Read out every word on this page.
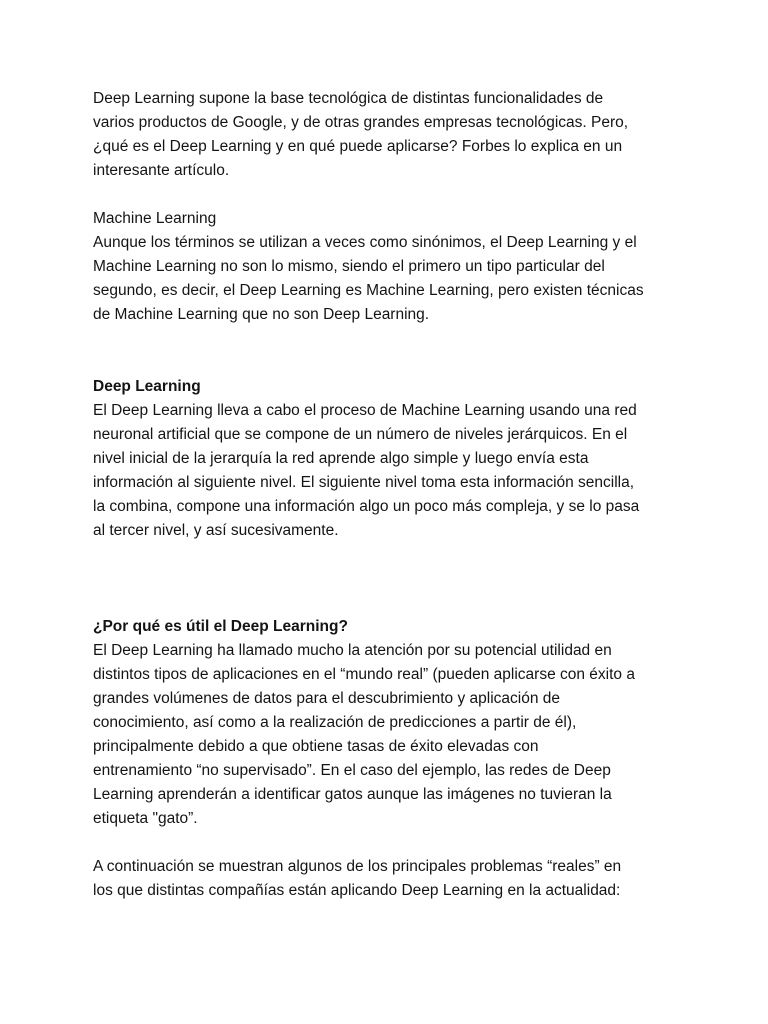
Deep Learning supone la base tecnológica de distintas funcionalidades de
varios productos de Google, y de otras grandes empresas tecnológicas. Pero,
¿qué es el Deep Learning y en qué puede aplicarse? Forbes lo explica en un
interesante artículo.

Machine Learning

Aunque los términos se utilizan a veces como sinónimos, el Deep Learning y el
Machine Learning no son lo mismo, siendo el primero un tipo particular del
segundo, es decir, el Deep Learning es Machine Learning, pero existen técnicas
de Machine Learning que no son Deep Learning.

Deep Learning

El Deep Learning lleva a cabo el proceso de Machine Learning usando una red
neuronal artificial que se compone de un número de niveles jerárquicos. En el
nivel inicial de la jerarquía la red aprende algo simple y luego envía esta
información al siguiente nivel. El siguiente nivel toma esta información sencilla,
la combina, compone una información algo un poco más compleja, y se lo pasa
al tercer nivel, y así sucesivamente.

¿Por qué es útil el Deep Learning?

El Deep Learning ha llamado mucho la atención por su potencial utilidad en
distintos tipos de aplicaciones en el “mundo real” (pueden aplicarse con éxito a
grandes volúmenes de datos para el descubrimiento y aplicación de
conocimiento, así como a la realización de predicciones a partir de él),
principalmente debido a que obtiene tasas de éxito elevadas con
entrenamiento “no supervisado”. En el caso del ejemplo, las redes de Deep
Learning aprenderán a identificar gatos aunque las imágenes no tuvieran la
etiqueta "gato”.

A continuación se muestran algunos de los principales problemas “reales” en
los que distintas compañías están aplicando Deep Learning en la actualidad:
